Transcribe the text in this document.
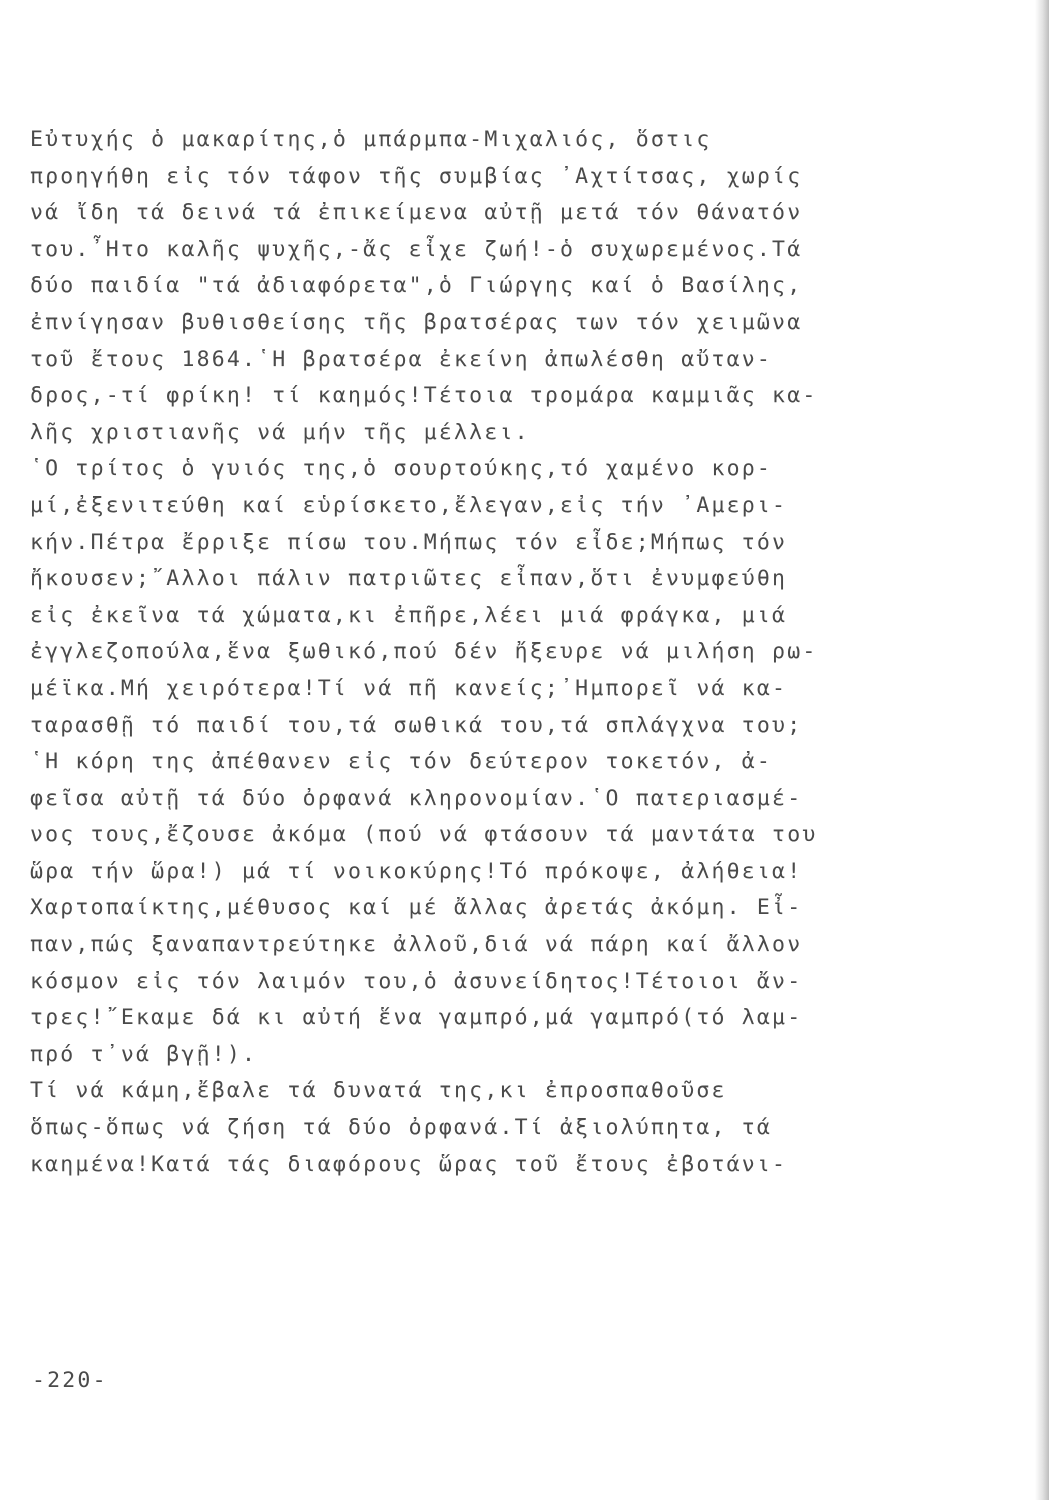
Εὐτυχής ὁ μακαρίτης,ὁ μπάρμπα-Μιχαλιός, ὅστις
προηγήθη εἰς τόν τάφον τῆς συμβίας ᾽Αχτίτσας, χωρίς
νά ἴδη τά δεινά τά ἐπικείμενα αὐτῇ μετά τόν θάνατόν
του.῏Ητο καλῆς ψυχῆς,-ἄς εἶχε ζωή!-ὁ συχωρεμένος.Τά
δύο παιδία "τά ἀδιαφόρετα",ὁ Γιώργης καί ὁ Βασίλης,
ἐπνίγησαν βυθισθείσης τῆς βρατσέρας των τόν χειμῶνα
τοῦ ἔτους 1864.῾Η βρατσέρα ἐκείνη ἀπωλέσθη αὔταν-
δρος,-τί φρίκη! τί καημός!Τέτοια τρομάρα καμμιᾶς κα-
λῆς χριστιανῆς νά μήν τῆς μέλλει.
῾Ο τρίτος ὁ γυιός της,ὁ σουρτούκης,τό χαμένο κορ-
μί,ἐξενιτεύθη καί εὑρίσκετο,ἔλεγαν,εἰς τήν ᾽Αμερι-
κήν.Πέτρα ἔρριξε πίσω του.Μήπως τόν εἶδε;Μήπως τόν
ἤκουσεν;῎Αλλοι πάλιν πατριῶτες εἶπαν,ὅτι ἐνυμφεύθη
εἰς ἐκεῖνα τά χώματα,κι ἐπῆρε,λέει μιά φράγκα, μιά
ἐγγλεζοπούλα,ἕνα ξωθικό,πού δέν ἤξευρε νά μιλήση ρω-
μέϊκα.Μή χειρότερα!Τί νά πῆ κανείς;᾽Ημπορεῖ νά κα-
ταρασθῇ τό παιδί του,τά σωθικά του,τά σπλάγχνα του;
῾Η κόρη της ἀπέθανεν εἰς τόν δεύτερον τοκετόν, ἀ-
φεῖσα αὐτῇ τά δύο ὀρφανά κληρονομίαν.῾Ο πατεριασμέ-
νος τους,ἔζουσε ἀκόμα (πού νά φτάσουν τά μαντάτα του
ὥρα τήν ὥρα!) μά τί νοικοκύρης!Τό πρόκοψε, ἀλήθεια!
Χαρτοπαίκτης,μέθυσος καί μέ ἄλλας ἀρετάς ἀκόμη. Εἶ-
παν,πώς ξαναπαντρεύτηκε ἀλλοῦ,διά νά πάρη καί ἄλλον
κόσμον εἰς τόν λαιμόν του,ὁ ἀσυνείδητος!Τέτοιοι ἄν-
τρες!῎Εκαμε δά κι αὐτή ἕνα γαμπρό,μά γαμπρό(τό λαμ-
πρό τ᾽νά βγῇ!).
Τί νά κάμη,ἔβαλε τά δυνατά της,κι ἐπροσπαθοῦσε
ὅπως-ὅπως νά ζήση τά δύο ὀρφανά.Τί ἀξιολύπητα, τά
καημένα!Κατά τάς διαφόρους ὥρας τοῦ ἔτους ἐβοτάνι-
-220-
